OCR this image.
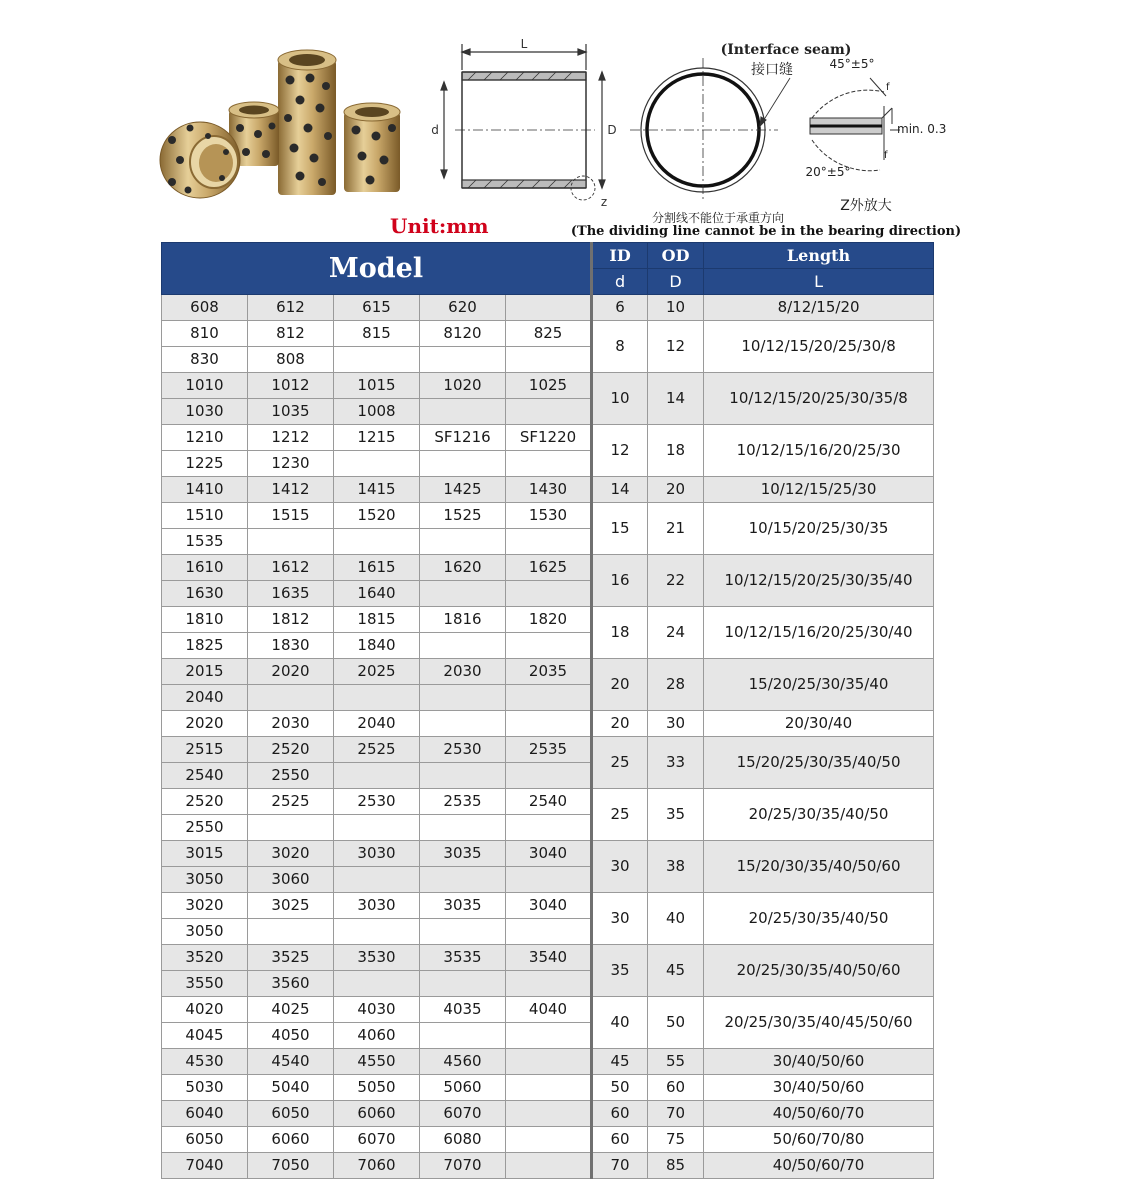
L
d	D
z
(Interface seam)
接口缝	45°±5°
f
f
min. 0.3
20°±5°
Z外放大
分割线不能位于承重方向
(The dividing line cannot be in the bearing direction)
Unit:mm
Model					ID	OD	Length
					d	D	L
608	612	615	620		6	10	8/12/15/20
810	812	815	8120	825	8	12	10/12/15/20/25/30/8
830	808						
1010	1012	1015	1020	1025	10	14	10/12/15/20/25/30/35/8
1030	1035	1008					
1210	1212	1215	SF1216	SF1220	12	18	10/12/15/16/20/25/30
1225	1230						
1410	1412	1415	1425	1430	14	20	10/12/15/25/30
1510	1515	1520	1525	1530	15	21	10/15/20/25/30/35
1535							
1610	1612	1615	1620	1625	16	22	10/12/15/20/25/30/35/40
1630	1635	1640					
1810	1812	1815	1816	1820	18	24	10/12/15/16/20/25/30/40
1825	1830	1840					
2015	2020	2025	2030	2035	20	28	15/20/25/30/35/40
2040							
2020	2030	2040			20	30	20/30/40
2515	2520	2525	2530	2535	25	33	15/20/25/30/35/40/50
2540	2550						
2520	2525	2530	2535	2540	25	35	20/25/30/35/40/50
2550							
3015	3020	3030	3035	3040	30	38	15/20/30/35/40/50/60
3050	3060						
3020	3025	3030	3035	3040	30	40	20/25/30/35/40/50
3050							
3520	3525	3530	3535	3540	35	45	20/25/30/35/40/50/60
3550	3560						
4020	4025	4030	4035	4040	40	50	20/25/30/35/40/45/50/60
4045	4050	4060					
4530	4540	4550	4560		45	55	30/40/50/60
5030	5040	5050	5060		50	60	30/40/50/60
6040	6050	6060	6070		60	70	40/50/60/70
6050	6060	6070	6080		60	75	50/60/70/80
7040	7050	7060	7070		70	85	40/50/60/70
